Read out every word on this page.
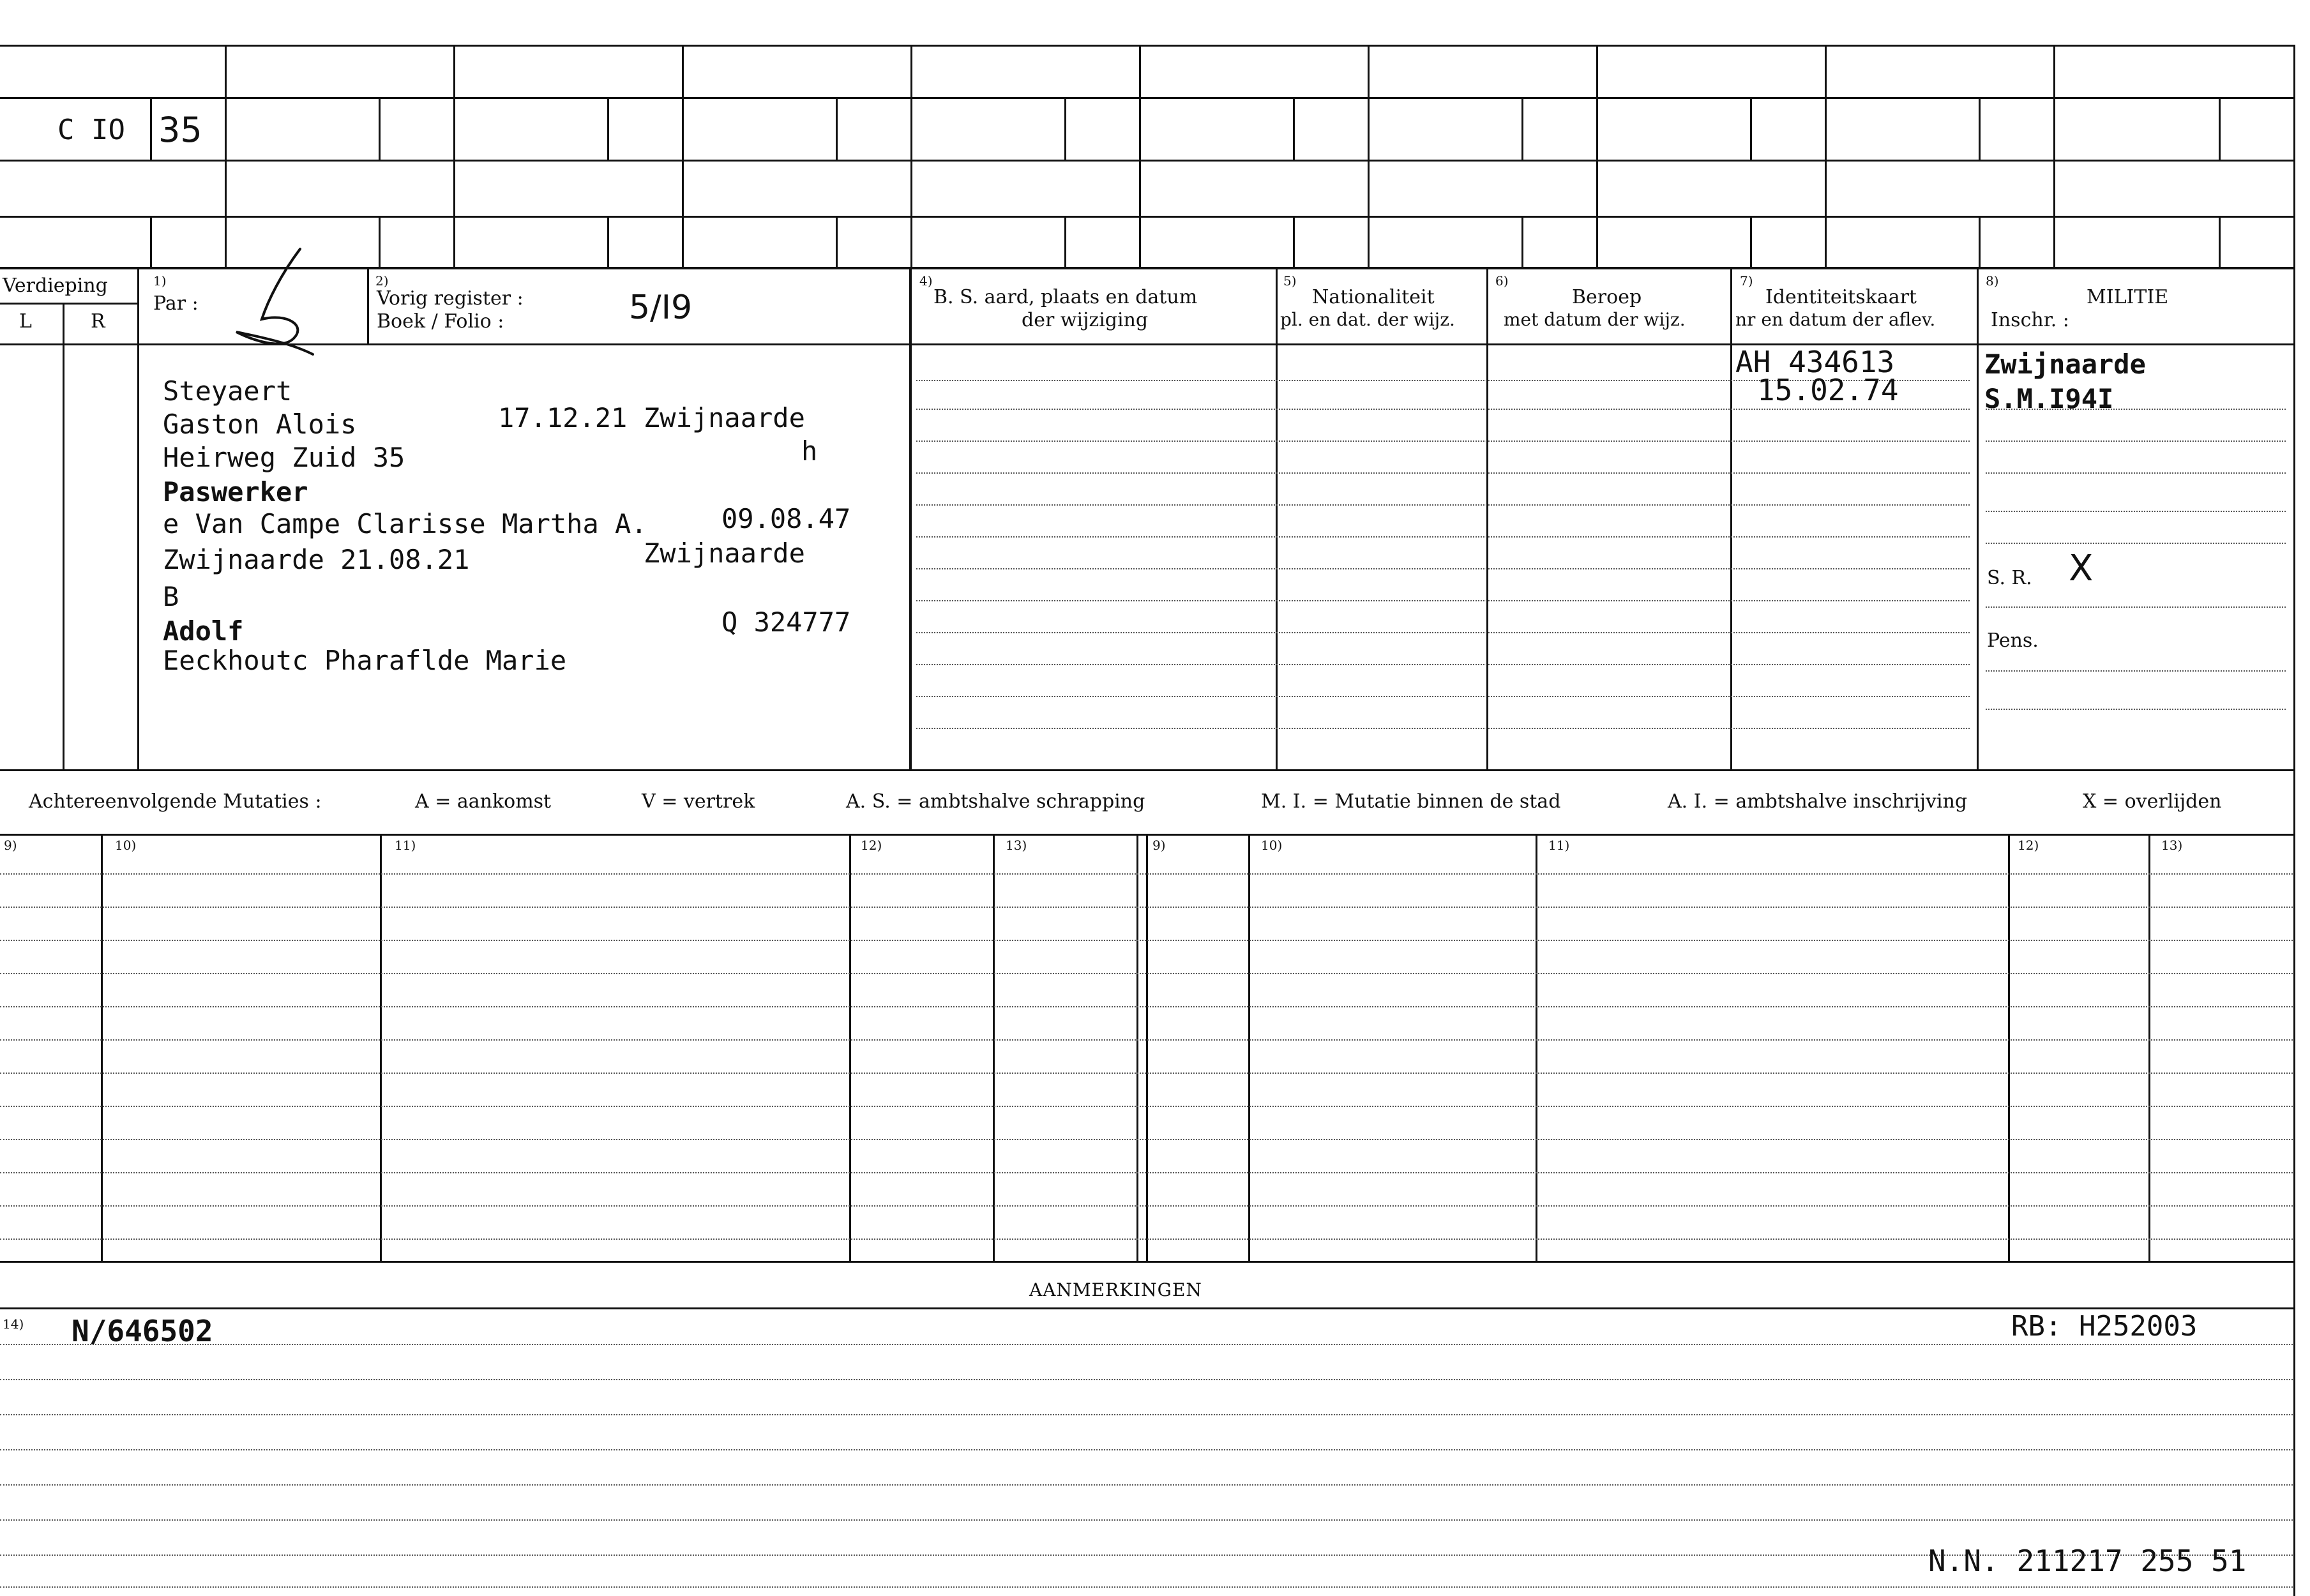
C IO 35
Verdieping
L	R
1)
Par :
2)
Vorig register :
Boek / Folio :	5/I9
4)
B. S. aard, plaats en datum
der wijziging
5)
Nationaliteit
pl. en dat. der wijz.
6)
Beroep
met datum der wijz.
7)
Identiteitskaart
nr en datum der aflev.
8)
MILITIE
Inschr. :
Steyaert
Gaston Alois	17.12.21 Zwijnaarde
Heirweg Zuid 35	h
Paswerker
e Van Campe Clarisse Martha A.	09.08.47
Zwijnaarde 21.08.21	Zwijnaarde
B
Adolf	Q 324777
Eeckhoutc Pharaflde Marie
AH 434613
15.02.74
Zwijnaarde
S.M.I94I
S. R. X
Pens.
Achtereenvolgende Mutaties :	A = aankomst	V = vertrek	A. S. = ambtshalve schrapping	M. I. = Mutatie binnen de stad	A. I. = ambtshalve inschrijving	X = overlijden
9)	10)	11)	12)	13)	9)	10)	11)	12)	13)
AANMERKINGEN
14) N/646502	RB: H252003
N.N. 211217 255 51
